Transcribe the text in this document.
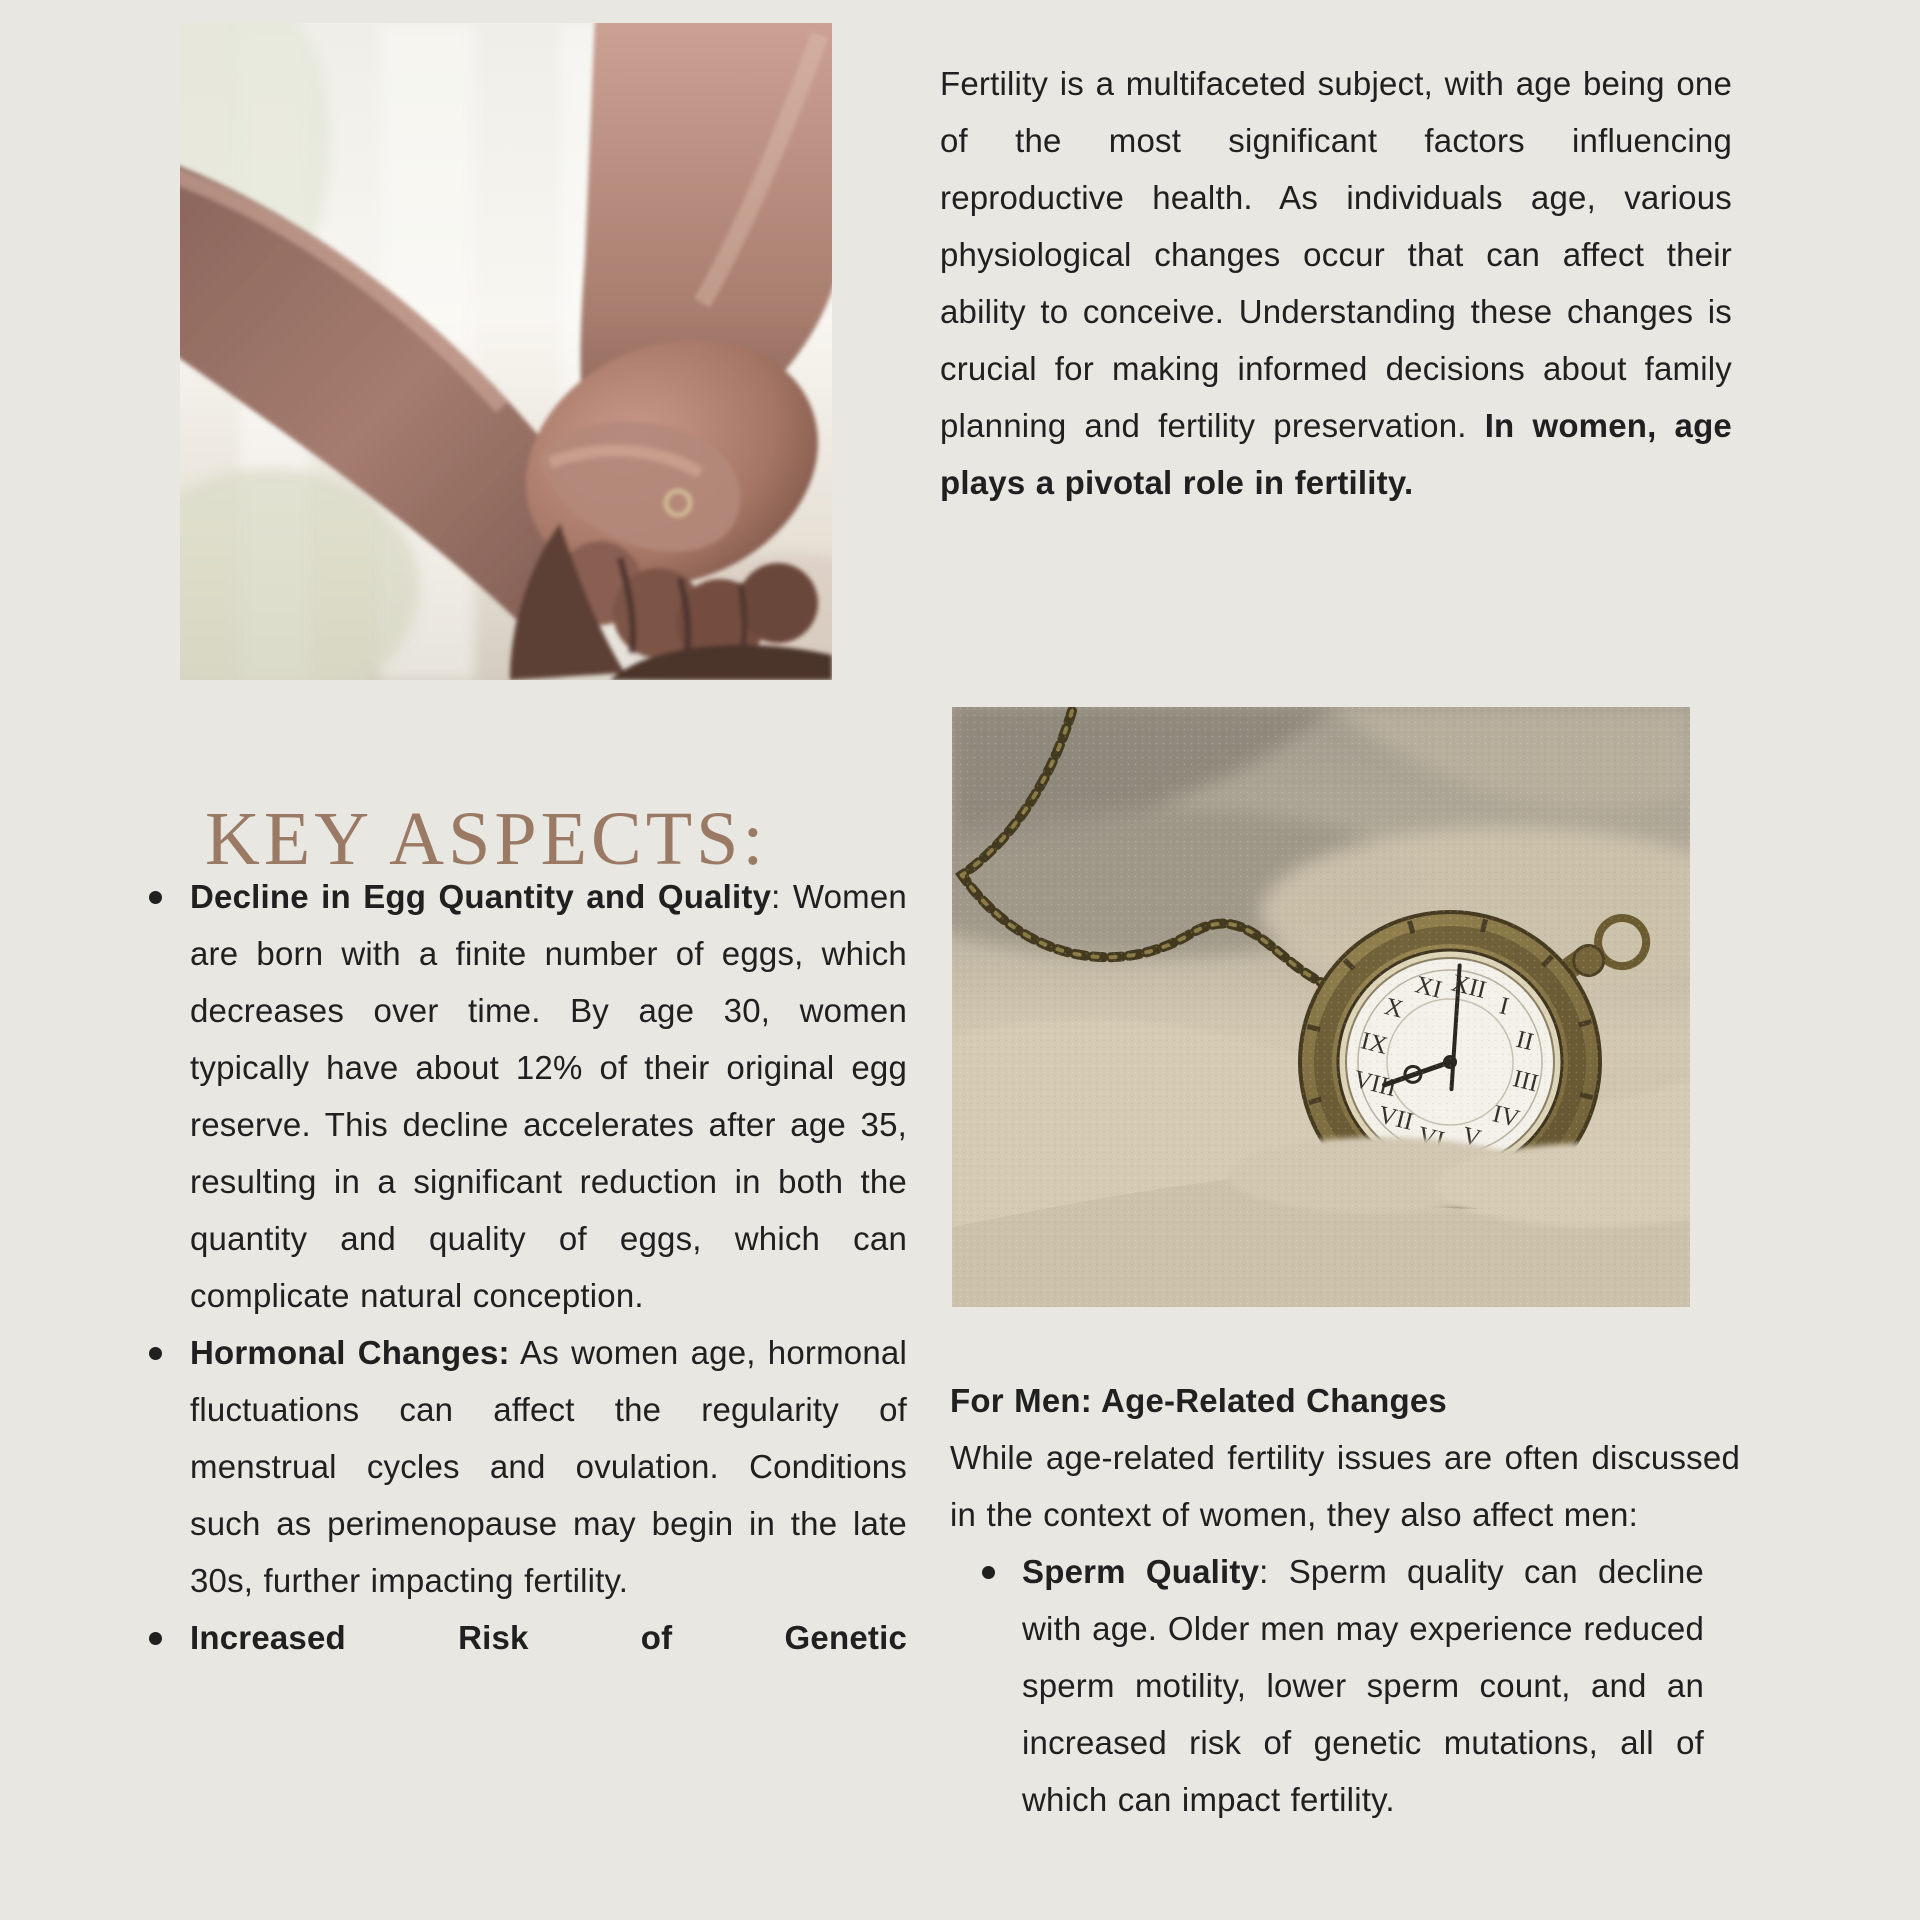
Fertility is a multifaceted subject, with age being one of the most significant factors influencing reproductive health. As individuals age, various physiological changes occur that can affect their ability to conceive. Understanding these changes is crucial for making informed decisions about family planning and fertility preservation. In women, age plays a pivotal role in fertility.

KEY ASPECTS:
Decline in Egg Quantity and Quality: Women are born with a finite number of eggs, which decreases over time. By age 30, women typically have about 12% of their original egg reserve. This decline accelerates after age 35, resulting in a significant reduction in both the quantity and quality of eggs, which can complicate natural conception.
Hormonal Changes: As women age, hormonal fluctuations can affect the regularity of menstrual cycles and ovulation. Conditions such as perimenopause may begin in the late 30s, further impacting fertility.
Increased Risk of Genetic

For Men: Age-Related Changes

While age-related fertility issues are often discussed in the context of women, they also affect men:

Sperm Quality: Sperm quality can decline with age. Older men may experience reduced sperm motility, lower sperm count, and an increased risk of genetic mutations, all of which can impact fertility.
